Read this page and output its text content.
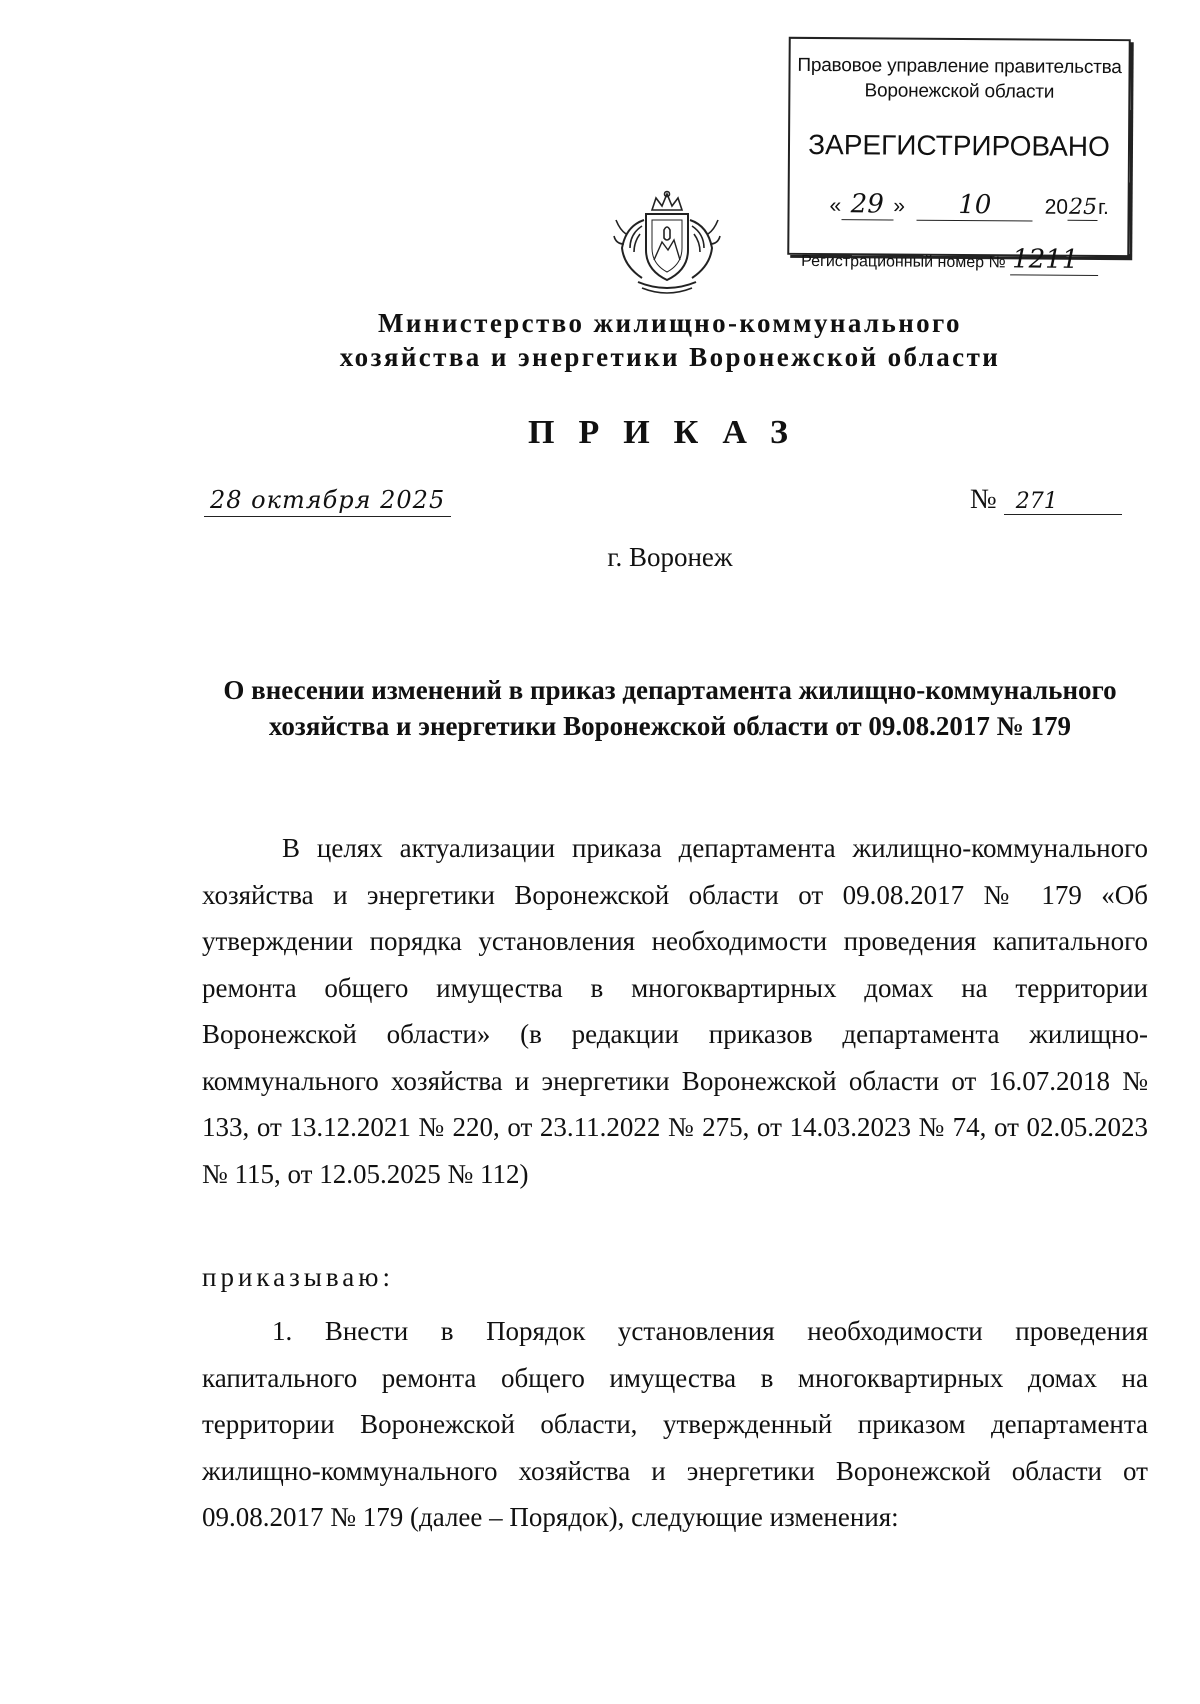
Правовое управление правительства
Воронежской области
ЗАРЕГИСТРИРОВАНО
« 29 » 10	2025г.
Регистрационный номер № 1211
Министерство жилищно-коммунального
хозяйства и энергетики Воронежской области
ПРИКАЗ
28 октября 2025	№ 271
г. Воронеж
О внесении изменений в приказ департамента жилищно-коммунального
хозяйства и энергетики Воронежской области от 09.08.2017 № 179
В целях актуализации приказа департамента жилищно-коммунального хозяйства и энергетики Воронежской области от 09.08.2017 № 179 «Об утверждении порядка установления необходимости проведения капитального ремонта общего имущества в многоквартирных домах на территории Воронежской области» (в редакции приказов департамента жилищно-коммунального хозяйства и энергетики Воронежской области от 16.07.2018 № 133, от 13.12.2021 № 220, от 23.11.2022 № 275, от 14.03.2023 № 74, от 02.05.2023 № 115, от 12.05.2025 № 112)
приказываю:
1. Внести в Порядок установления необходимости проведения капитального ремонта общего имущества в многоквартирных домах на территории Воронежской области, утвержденный приказом департамента жилищно-коммунального хозяйства и энергетики Воронежской области от 09.08.2017 № 179 (далее – Порядок), следующие изменения:
